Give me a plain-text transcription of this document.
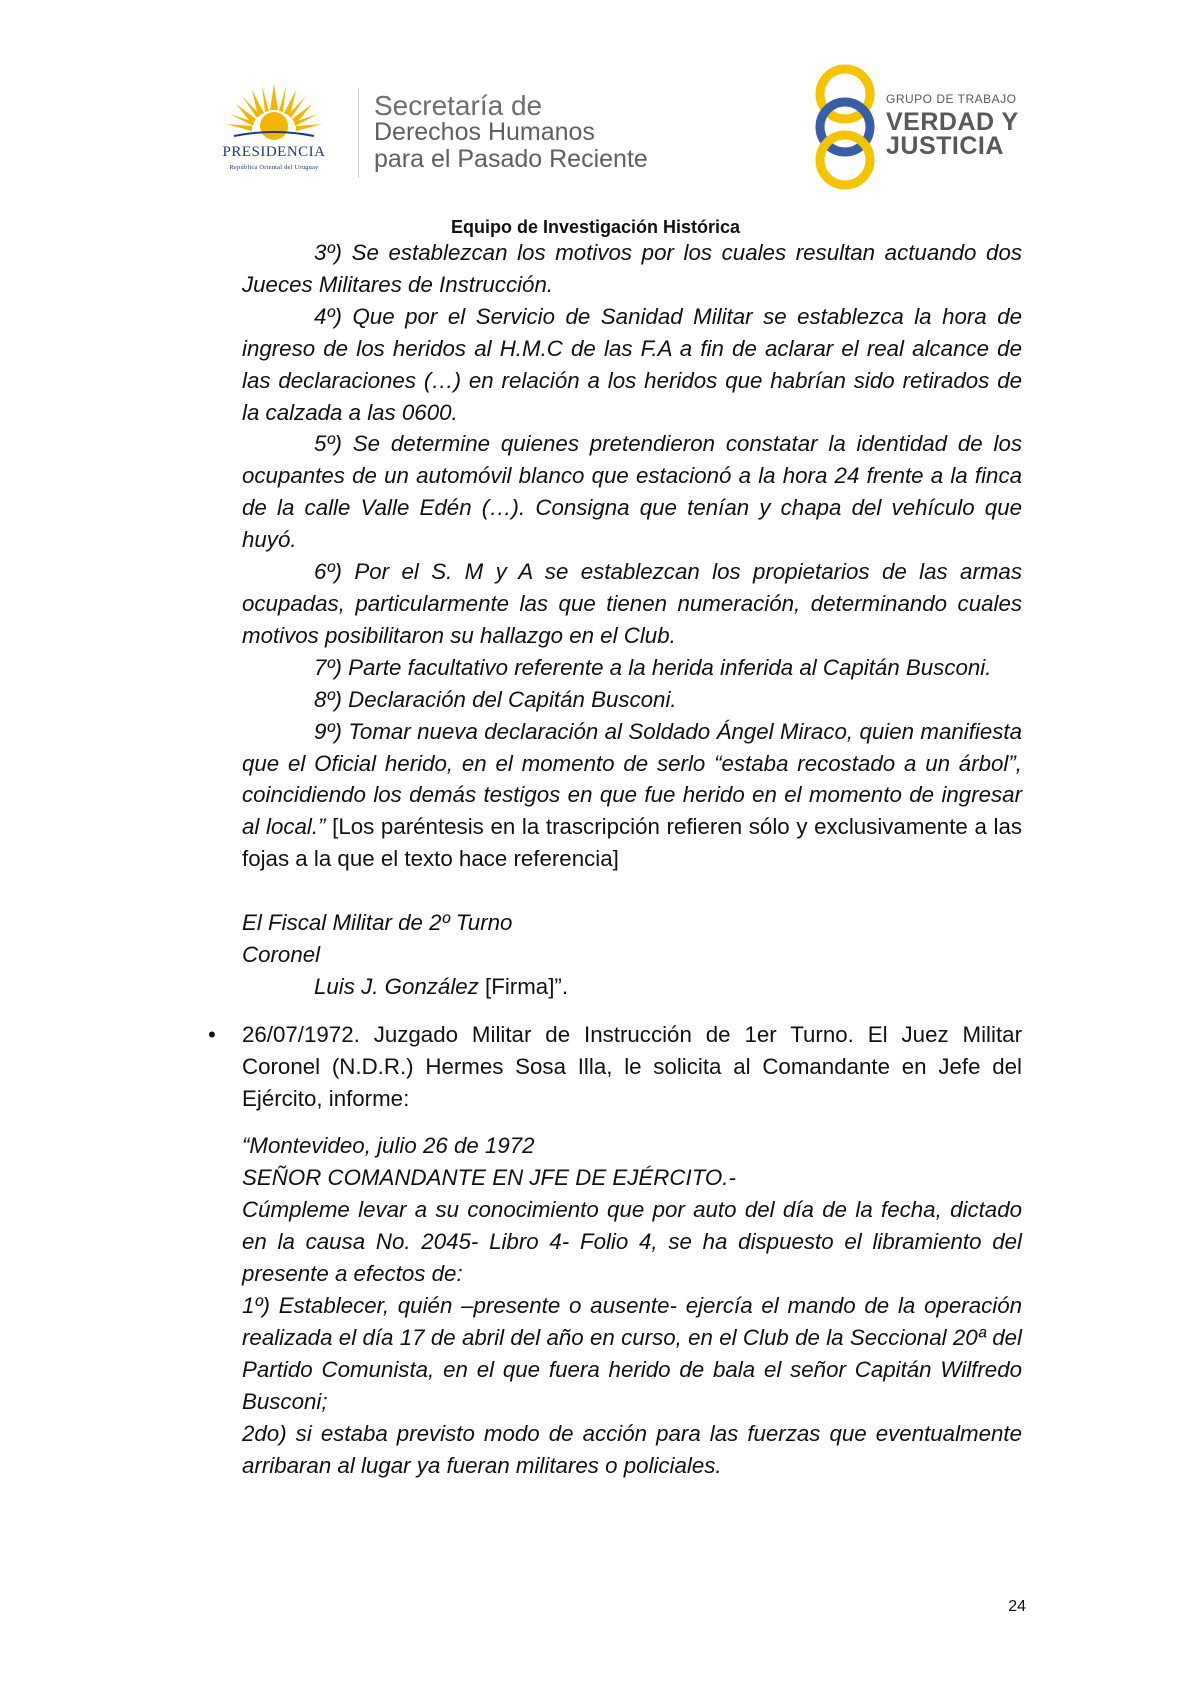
PRESIDENCIA
República Oriental del Uruguay
Secretaría de
Derechos Humanos
para el Pasado Reciente
GRUPO DE TRABAJO
VERDAD Y
JUSTICIA
Equipo de Investigación Histórica

3º) Se establezcan los motivos por los cuales resultan actuando dos Jueces Militares de Instrucción.

4º) Que por el Servicio de Sanidad Militar se establezca la hora de ingreso de los heridos al H.M.C de las F.A a fin de aclarar el real alcance de las declaraciones (…) en relación a los heridos que habrían sido retirados de la calzada a las 0600.

5º) Se determine quienes pretendieron constatar la identidad de los ocupantes de un automóvil blanco que estacionó a la hora 24 frente a la finca de la calle Valle Edén (…). Consigna que tenían y chapa del vehículo que huyó.

6º) Por el S. M y A se establezcan los propietarios de las armas ocupadas, particularmente las que tienen numeración, determinando cuales motivos posibilitaron su hallazgo en el Club.

7º) Parte facultativo referente a la herida inferida al Capitán Busconi.

8º) Declaración del Capitán Busconi.

9º) Tomar nueva declaración al Soldado Ángel Miraco, quien manifiesta que el Oficial herido, en el momento de serlo “estaba recostado a un árbol”, coincidiendo los demás testigos en que fue herido en el momento de ingresar al local.” [Los paréntesis en la trascripción refieren sólo y exclusivamente a las fojas a la que el texto hace referencia]

El Fiscal Militar de 2º Turno

Coronel

Luis J. González [Firma]”.

• 26/07/1972. Juzgado Militar de Instrucción de 1er Turno. El Juez Militar Coronel (N.D.R.) Hermes Sosa Illa, le solicita al Comandante en Jefe del Ejército, informe:

“Montevideo, julio 26 de 1972

SEÑOR COMANDANTE EN JFE DE EJÉRCITO.-

Cúmpleme levar a su conocimiento que por auto del día de la fecha, dictado en la causa No. 2045- Libro 4- Folio 4, se ha dispuesto el libramiento del presente a efectos de:

1º) Establecer, quién –presente o ausente- ejercía el mando de la operación realizada el día 17 de abril del año en curso, en el Club de la Seccional 20ª del Partido Comunista, en el que fuera herido de bala el señor Capitán Wilfredo Busconi;

2do) si estaba previsto modo de acción para las fuerzas que eventualmente arribaran al lugar ya fueran militares o policiales.

24
